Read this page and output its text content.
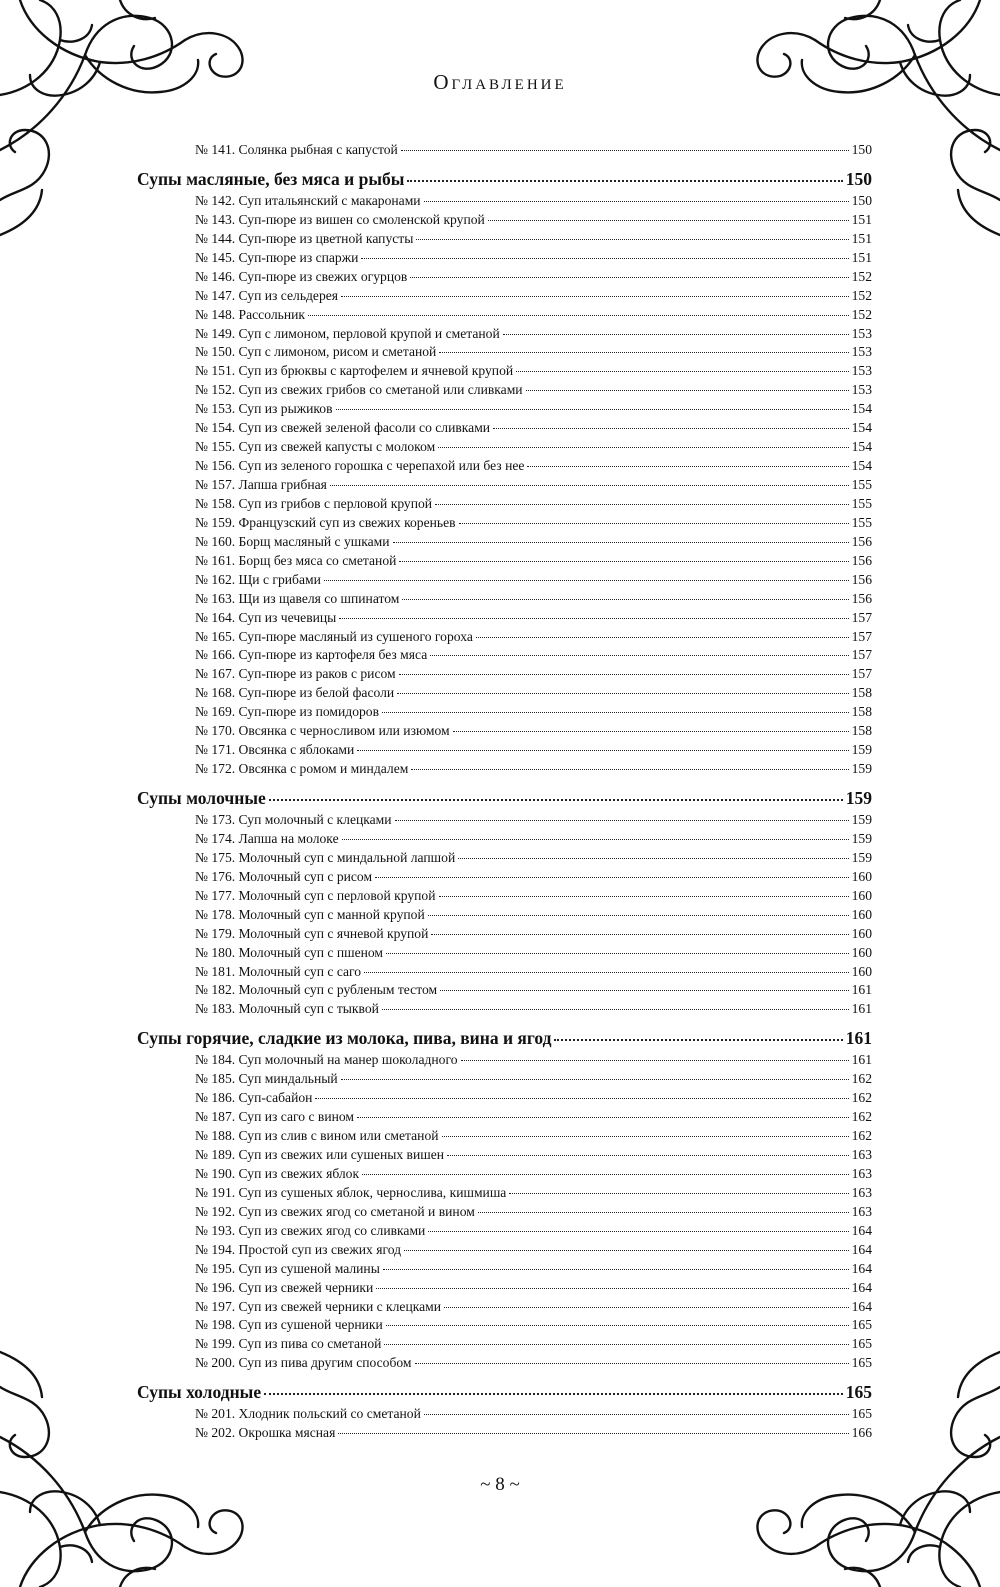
Оглавление
№ 141. Солянка рыбная с капустой	150
Супы масляные, без мяса и рыбы	150
№ 142. Суп итальянский с макаронами	150
№ 143. Суп-пюре из вишен со смоленской крупой	151
№ 144. Суп-пюре из цветной капусты	151
№ 145. Суп-пюре из спаржи	151
№ 146. Суп-пюре из свежих огурцов	152
№ 147. Суп из сельдерея	152
№ 148. Рассольник	152
№ 149. Суп с лимоном, перловой крупой и сметаной	153
№ 150. Суп с лимоном, рисом и сметаной	153
№ 151. Суп из брюквы с картофелем и ячневой крупой	153
№ 152. Суп из свежих грибов со сметаной или сливками	153
№ 153. Суп из рыжиков	154
№ 154. Суп из свежей зеленой фасоли со сливками	154
№ 155. Суп из свежей капусты с молоком	154
№ 156. Суп из зеленого горошка с черепахой или без нее	154
№ 157. Лапша грибная	155
№ 158. Суп из грибов с перловой крупой	155
№ 159. Французский суп из свежих кореньев	155
№ 160. Борщ масляный с ушками	156
№ 161. Борщ без мяса со сметаной	156
№ 162. Щи с грибами	156
№ 163. Щи из щавеля со шпинатом	156
№ 164. Суп из чечевицы	157
№ 165. Суп-пюре масляный из сушеного гороха	157
№ 166. Суп-пюре из картофеля без мяса	157
№ 167. Суп-пюре из раков с рисом	157
№ 168. Суп-пюре из белой фасоли	158
№ 169. Суп-пюре из помидоров	158
№ 170. Овсянка с черносливом или изюмом	158
№ 171. Овсянка с яблоками	159
№ 172. Овсянка с ромом и миндалем	159
Супы молочные	159
№ 173. Суп молочный с клецками	159
№ 174. Лапша на молоке	159
№ 175. Молочный суп с миндальной лапшой	159
№ 176. Молочный суп с рисом	160
№ 177. Молочный суп с перловой крупой	160
№ 178. Молочный суп с манной крупой	160
№ 179. Молочный суп с ячневой крупой	160
№ 180. Молочный суп с пшеном	160
№ 181. Молочный суп с саго	160
№ 182. Молочный суп с рубленым тестом	161
№ 183. Молочный суп с тыквой	161
Супы горячие, сладкие из молока, пива, вина и ягод	161
№ 184. Суп молочный на манер шоколадного	161
№ 185. Суп миндальный	162
№ 186. Суп-сабайон	162
№ 187. Суп из саго с вином	162
№ 188. Суп из слив с вином или сметаной	162
№ 189. Суп из свежих или сушеных вишен	163
№ 190. Суп из свежих яблок	163
№ 191. Суп из сушеных яблок, чернослива, кишмиша	163
№ 192. Суп из свежих ягод со сметаной и вином	163
№ 193. Суп из свежих ягод со сливками	164
№ 194. Простой суп из свежих ягод	164
№ 195. Суп из сушеной малины	164
№ 196. Суп из свежей черники	164
№ 197. Суп из свежей черники с клецками	164
№ 198. Суп из сушеной черники	165
№ 199. Суп из пива со сметаной	165
№ 200. Суп из пива другим способом	165
Супы холодные	165
№ 201. Хлодник польский со сметаной	165
№ 202. Окрошка мясная	166
~ 8 ~
